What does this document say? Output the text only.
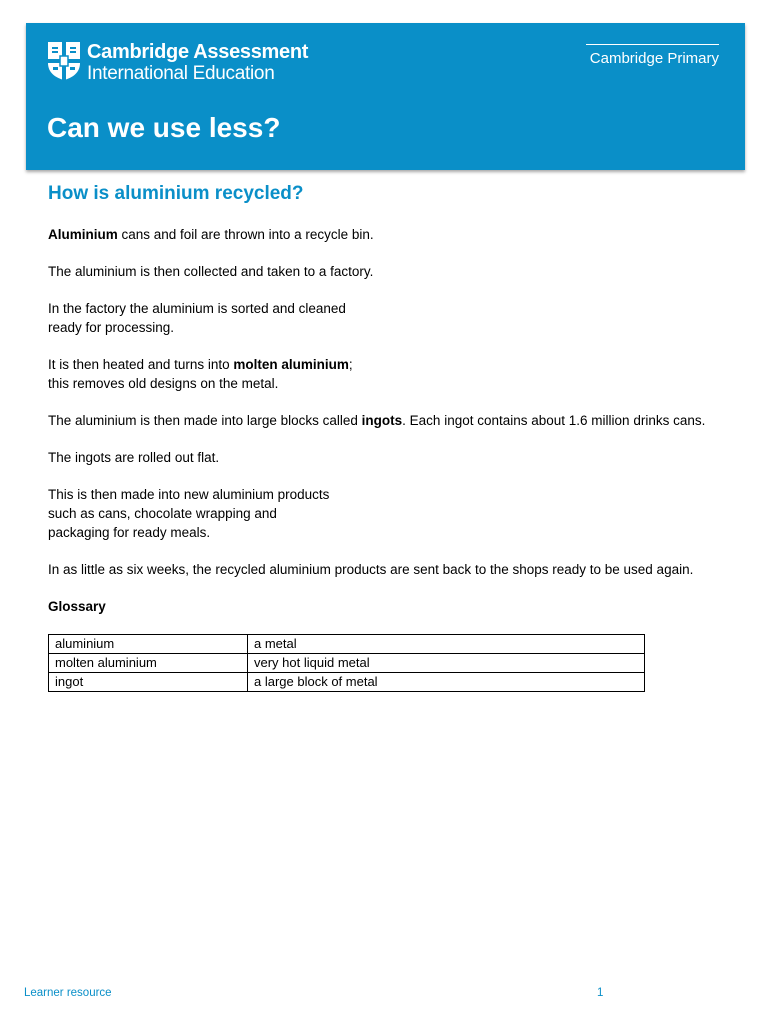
Cambridge Assessment
International Education
Cambridge Primary
Can we use less?
How is aluminium recycled?

Aluminium cans and foil are thrown into a recycle bin.

The aluminium is then collected and taken to a factory.

In the factory the aluminium is sorted and cleaned
ready for processing.

It is then heated and turns into molten aluminium;
this removes old designs on the metal.

The aluminium is then made into large blocks called ingots. Each ingot contains about 1.6 million drinks cans.

The ingots are rolled out flat.

This is then made into new aluminium products
such as cans, chocolate wrapping and
packaging for ready meals.

In as little as six weeks, the recycled aluminium products are sent back to the shops ready to be used again.

Glossary
aluminium	a metal
molten aluminium	very hot liquid metal
ingot	a large block of metal
Learner resource	1
